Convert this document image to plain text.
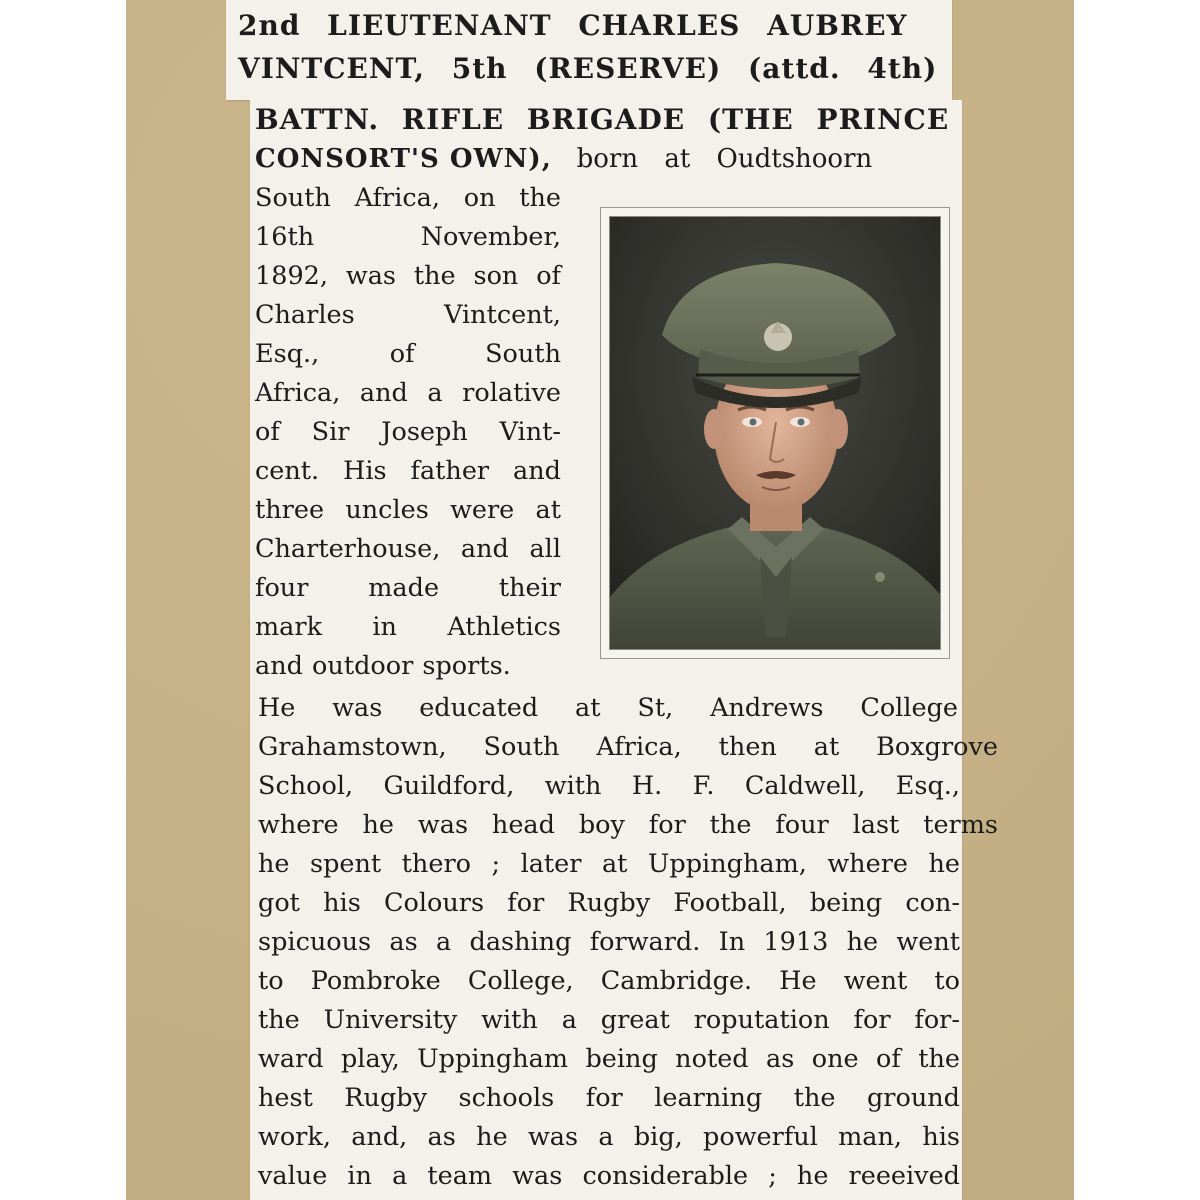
2nd LIEUTENANT CHARLES AUBREY

VINTCENT, 5th (RESERVE) (attd. 4th)

BATTN. RIFLE BRIGADE (THE PRINCE

CONSORT'S OWN), born at Oudtshoorn

South Africa, on the

16th November,

1892, was the son of

Charles Vintcent,

Esq., of South

Africa, and a rolative

of Sir Joseph Vint-

cent. His father and

three uncles were at

Charterhouse, and all

four made their

mark in Athletics

and outdoor sports.

He was educated at St, Andrews College

Grahamstown, South Africa, then at Boxgrove

School, Guildford, with H. F. Caldwell, Esq.,

where he was head boy for the four last terms

he spent thero ; later at Uppingham, where he

got his Colours for Rugby Football, being con-

spicuous as a dashing forward. In 1913 he went

to Pombroke College, Cambridge. He went to

the University with a great roputation for for-

ward play, Uppingham being noted as one of the

hest Rugby schools for learning the ground

work, and, as he was a big, powerful man, his

value in a team was considerable ; he reeeived
